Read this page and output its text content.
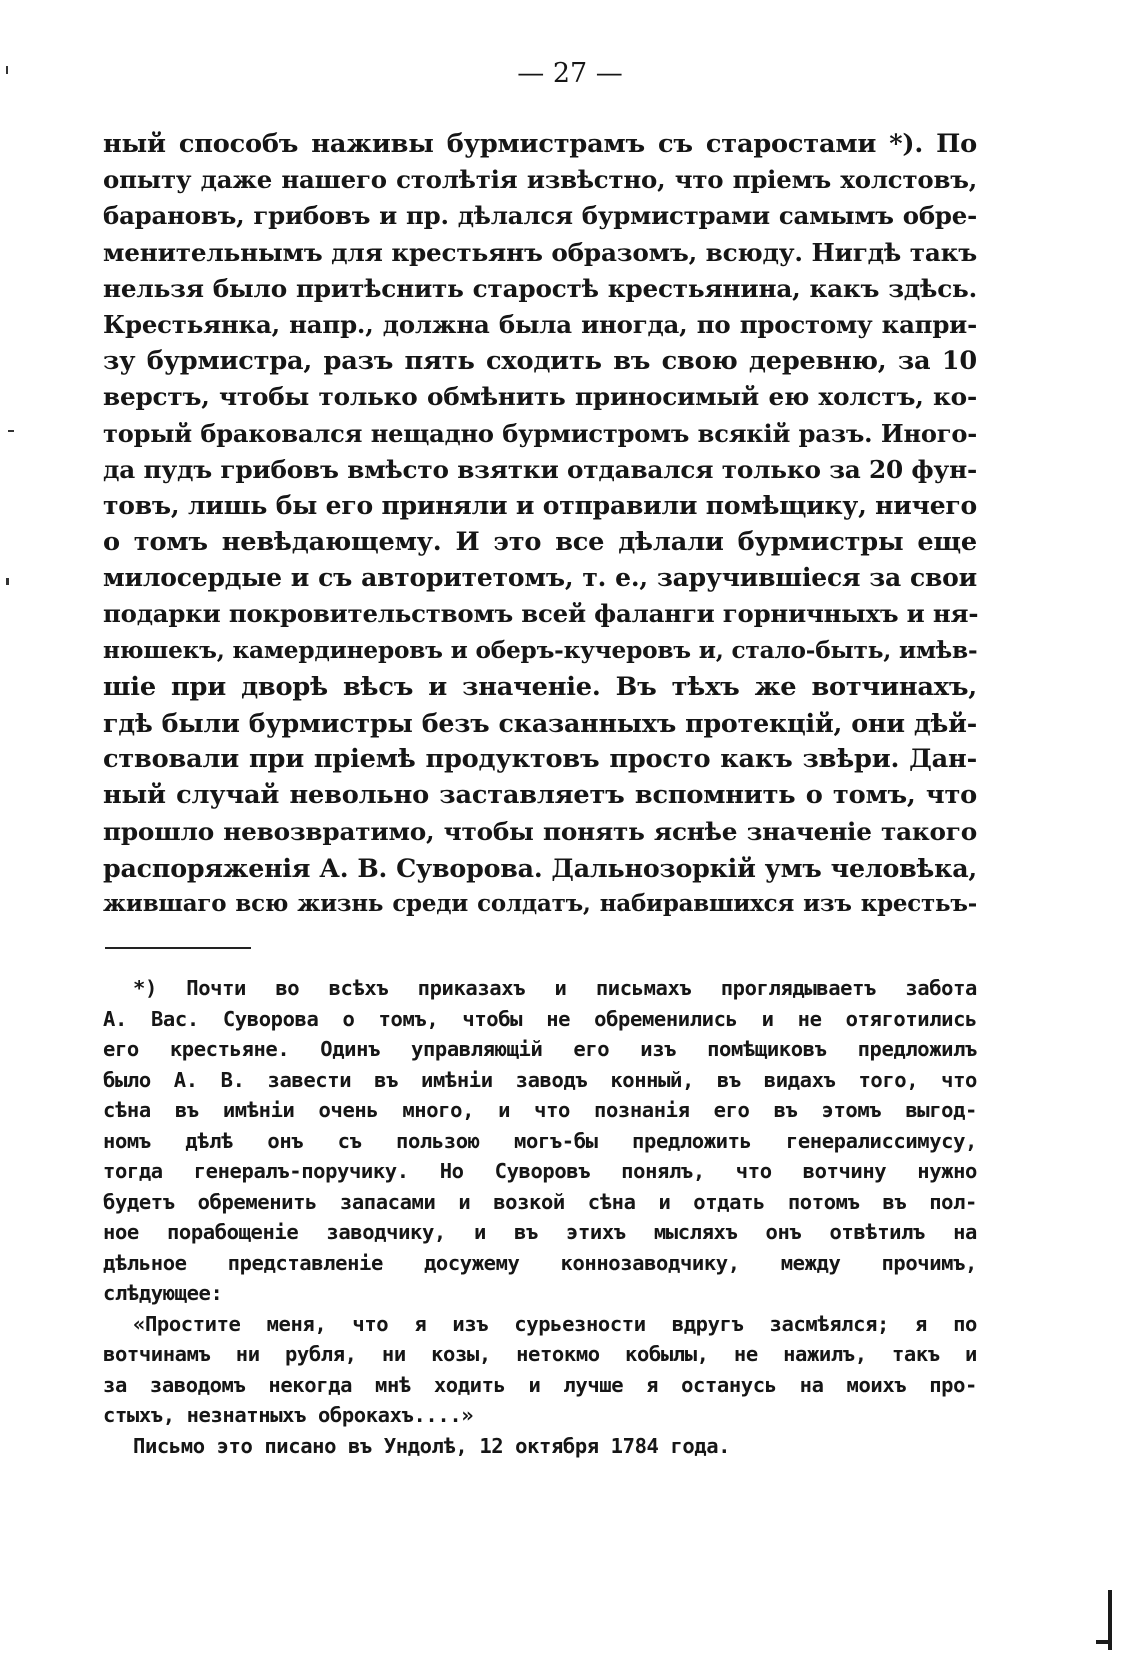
— 27 —
ный способъ наживы бурмистрамъ съ старостами *). По
опыту даже нашего столѣтія извѣстно, что пріемъ холстовъ,
барановъ, грибовъ и пр. дѣлался бурмистрами самымъ обре-
менительнымъ для крестьянъ образомъ, всюду. Нигдѣ такъ
нельзя было притѣснить старостѣ крестьянина, какъ здѣсь.
Крестьянка, напр., должна была иногда, по простому капри-
зу бурмистра, разъ пять сходить въ свою деревню, за 10
верстъ, чтобы только обмѣнить приносимый ею холстъ, ко-
торый браковался нещадно бурмистромъ всякій разъ. Иного-
да пудъ грибовъ вмѣсто взятки отдавался только за 20 фун-
товъ, лишь бы его приняли и отправили помѣщику, ничего
о томъ невѣдающему. И это все дѣлали бурмистры еще
милосердые и съ авторитетомъ, т. е., заручившіеся за свои
подарки покровительствомъ всей фаланги горничныхъ и ня-
нюшекъ, камердинеровъ и оберъ-кучеровъ и, стало-быть, имѣв-
шіе при дворѣ вѣсъ и значеніе. Въ тѣхъ же вотчинахъ,
гдѣ были бурмистры безъ сказанныхъ протекцій, они дѣй-
ствовали при пріемѣ продуктовъ просто какъ звѣри. Дан-
ный случай невольно заставляетъ вспомнить о томъ, что
прошло невозвратимо, чтобы понять яснѣе значеніе такого
распоряженія А. В. Суворова. Дальнозоркій умъ человѣка,
жившаго всю жизнь среди солдатъ, набиравшихся изъ крестьъ-
*) Почти во всѣхъ приказахъ и письмахъ проглядываетъ забота
А. Вас. Суворова о томъ, чтобы не обременились и не отяготились
его крестьяне. Одинъ управляющій его изъ помѣщиковъ предложилъ
было А. В. завести въ имѣніи заводъ конный, въ видахъ того, что
сѣна въ имѣніи очень много, и что познанія его въ этомъ выгод-
номъ дѣлѣ онъ съ пользою могъ-бы предложить генералиссимусу,
тогда генералъ-поручику. Но Суворовъ понялъ, что вотчину нужно
будетъ обременить запасами и возкой сѣна и отдать потомъ въ пол-
ное порабощеніе заводчику, и въ этихъ мысляхъ онъ отвѣтилъ на
дѣльное представленіе досужему коннозаводчику, между прочимъ,
слѣдующее:
«Простите меня, что я изъ сурьезности вдругъ засмѣялся; я по
вотчинамъ ни рубля, ни козы, нетокмо кобылы, не нажилъ, такъ и
за заводомъ некогда мнѣ ходить и лучше я останусь на моихъ про-
стыхъ, незнатныхъ оброкахъ....»
Письмо это писано въ Ундолѣ, 12 октября 1784 года.
